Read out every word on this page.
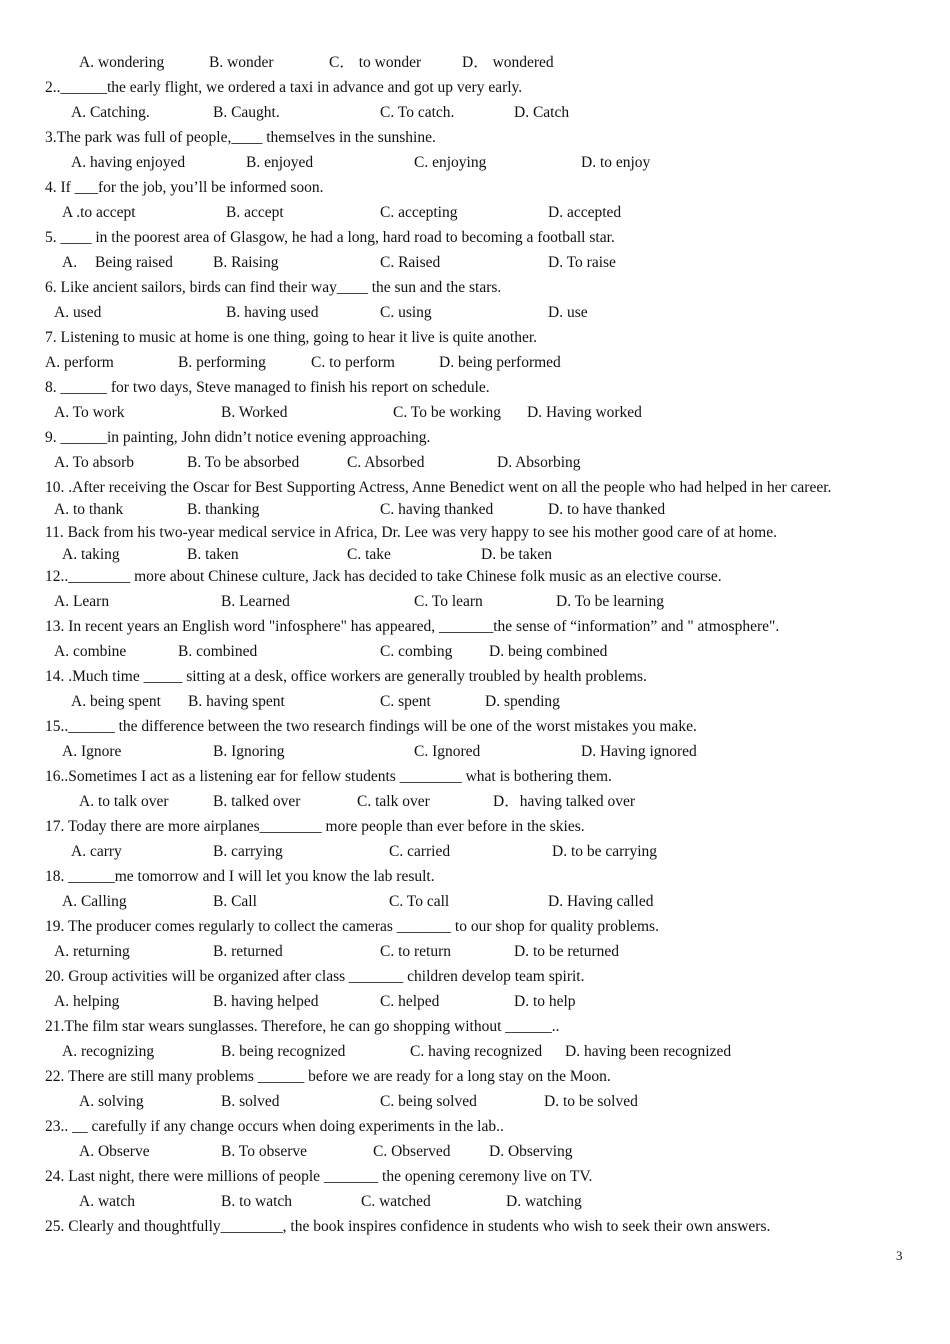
A. wondering	B. wonder	C． to wonder	D． wondered
2..______the early flight, we ordered a taxi in advance and got up very early.
A. Catching.	B. Caught.	C. To catch.	D. Catch
3.The park was full of people,____ themselves in the sunshine.
A. having enjoyed	B. enjoyed	C. enjoying	D. to enjoy
4. If ___for the job, you’ll be informed soon.
A .to accept	B. accept	C. accepting	D. accepted
5. ____ in the poorest area of Glasgow, he had a long, hard road to becoming a football star.
A. Being raised	B. Raising	C. Raised	D. To raise
6. Like ancient sailors, birds can find their way____ the sun and the stars.
A. used	B. having used	C. using	D. use
7. Listening to music at home is one thing, going to hear it live is quite another.
A. perform	B. performing	C. to perform	D. being performed
8. ______ for two days, Steve managed to finish his report on schedule.
A. To work	B. Worked	C. To be working D. Having worked
9. ______in painting, John didn’t notice evening approaching.
A. To absorb	B. To be absorbed	C. Absorbed	D. Absorbing
10. .After receiving the Oscar for Best Supporting Actress, Anne Benedict went on all the people who had helped in her career.
A. to thank	B. thanking	C. having thanked	D. to have thanked
11. Back from his two-year medical service in Africa, Dr. Lee was very happy to see his mother good care of at home.
A. taking	B. taken	C. take	D. be taken
12..________ more about Chinese culture, Jack has decided to take Chinese folk music as an elective course.
A. Learn	B. Learned	C. To learn	D. To be learning
13. In recent years an English word "infosphere" has appeared, _______the sense of “information” and " atmosphere".
A. combine	B. combined	C. combing D. being combined
14. .Much time _____ sitting at a desk, office workers are generally troubled by health problems.
A. being spent B. having spent	C. spent	D. spending
15..______ the difference between the two research findings will be one of the worst mistakes you make.
A. Ignore	B. Ignoring	C. Ignored	D. Having ignored
16..Sometimes I act as a listening ear for fellow students ________ what is bothering them.
A. to talk over	B. talked over	C. talk over	D．having talked over
17. Today there are more airplanes________ more people than ever before in the skies.
A. carry	B. carrying	C. carried	D. to be carrying
18. ______me tomorrow and I will let you know the lab result.
A. Calling	B. Call	C. To call	D. Having called
19. The producer comes regularly to collect the cameras _______ to our shop for quality problems.
A. returning	B. returned	C. to return	D. to be returned
20. Group activities will be organized after class _______ children develop team spirit.
A. helping	B. having helped	C. helped	D. to help
21.The film star wears sunglasses. Therefore, he can go shopping without ______..
A. recognizing	B. being recognized	C. having recognized D. having been recognized
22. There are still many problems ______ before we are ready for a long stay on the Moon.
A. solving	B. solved	C. being solved	D. to be solved
23.. __ carefully if any change occurs when doing experiments in the lab..
A. Observe	B. To observe	C. Observed D. Observing
24. Last night, there were millions of people _______ the opening ceremony live on TV.
A. watch	B. to watch	C. watched	D. watching
25. Clearly and thoughtfully________, the book inspires confidence in students who wish to seek their own answers.
3
